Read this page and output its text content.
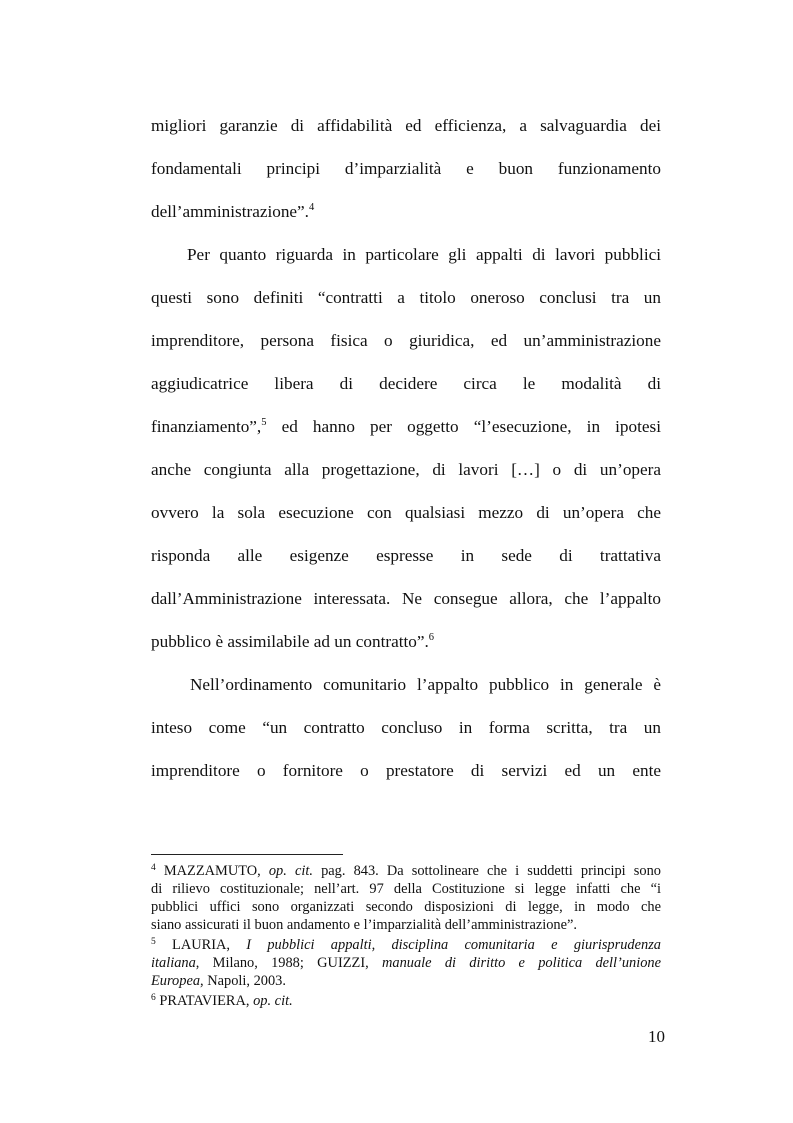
migliori garanzie di affidabilità ed efficienza, a salvaguardia dei
fondamentali principi d’imparzialità e buon funzionamento
dell’amministrazione”.$^4$
Per quanto riguarda in particolare gli appalti di lavori pubblici
questi sono definiti “contratti a titolo oneroso conclusi tra un
imprenditore, persona fisica o giuridica, ed un’amministrazione
aggiudicatrice libera di decidere circa le modalità di
finanziamento”,$^5$ ed hanno per oggetto “l’esecuzione, in ipotesi
anche congiunta alla progettazione, di lavori […] o di un’opera
ovvero la sola esecuzione con qualsiasi mezzo di un’opera che
risponda alle esigenze espresse in sede di trattativa
dall’Amministrazione interessata. Ne consegue allora, che l’appalto
pubblico è assimilabile ad un contratto”.$^6$
Nell’ordinamento comunitario l’appalto pubblico in generale è
inteso come “un contratto concluso in forma scritta, tra un
imprenditore o fornitore o prestatore di servizi ed un ente
$^4$ MAZZAMUTO, op. cit. pag. 843. Da sottolineare che i suddetti principi sono
di rilievo costituzionale; nell’art. 97 della Costituzione si legge infatti che “i
pubblici uffici sono organizzati secondo disposizioni di legge, in modo che
siano assicurati il buon andamento e l’imparzialità dell’amministrazione”.
$^5$ LAURIA, I pubblici appalti, disciplina comunitaria e giurisprudenza
italiana, Milano, 1988; GUIZZI, manuale di diritto e politica dell’unione
Europea, Napoli, 2003.
$^6$ PRATAVIERA, op. cit.
10
